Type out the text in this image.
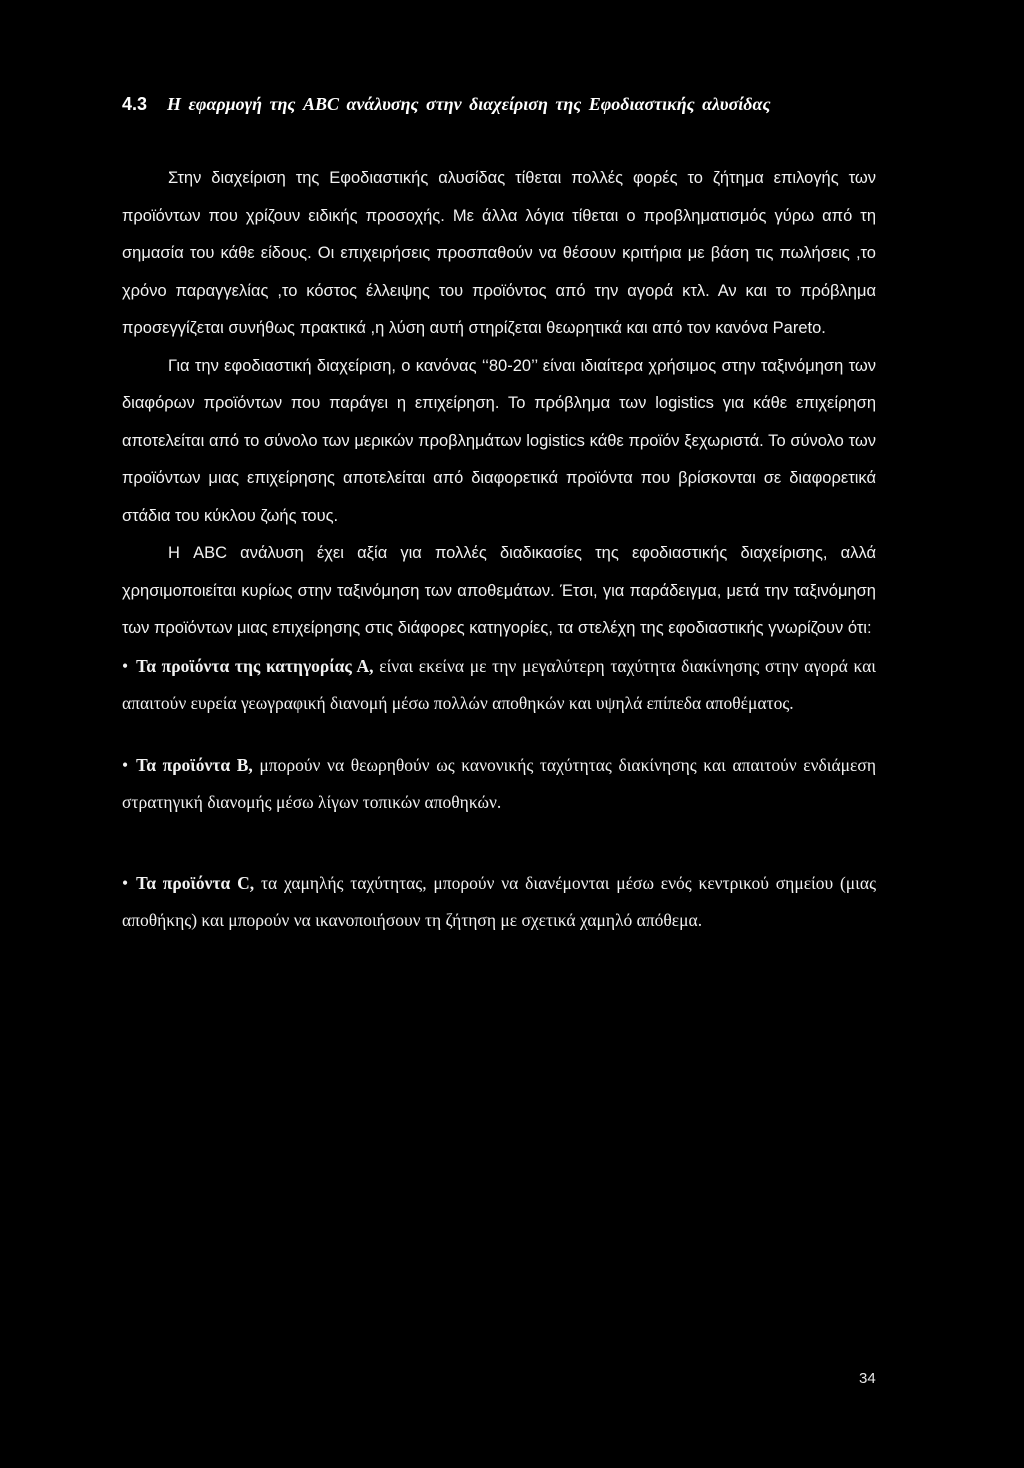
4.3 Η εφαρμογή της ABC ανάλυσης στην διαχείριση της Εφοδιαστικής αλυσίδας

Στην διαχείριση της Εφοδιαστικής αλυσίδας τίθεται πολλές φορές το ζήτημα επιλογής των προϊόντων που χρίζουν ειδικής προσοχής. Με άλλα λόγια τίθεται ο προβληματισμός γύρω από τη σημασία του κάθε είδους. Οι επιχειρήσεις προσπαθούν να θέσουν κριτήρια με βάση τις πωλήσεις ,το χρόνο παραγγελίας ,το κόστος έλλειψης του προϊόντος από την αγορά κτλ. Αν και το πρόβλημα προσεγγίζεται συνήθως πρακτικά ,η λύση αυτή στηρίζεται θεωρητικά και από τον κανόνα Pareto.

Για την εφοδιαστική διαχείριση, ο κανόνας ‘‘80-20’’ είναι ιδιαίτερα χρήσιμος στην ταξινόμηση των διαφόρων προϊόντων που παράγει η επιχείρηση. Το πρόβλημα των logistics για κάθε επιχείρηση αποτελείται από το σύνολο των μερικών προβλημάτων logistics κάθε προϊόν ξεχωριστά. Το σύνολο των προϊόντων μιας επιχείρησης αποτελείται από διαφορετικά προϊόντα που βρίσκονται σε διαφορετικά στάδια του κύκλου ζωής τους.

Η ABC ανάλυση έχει αξία για πολλές διαδικασίες της εφοδιαστικής διαχείρισης, αλλά χρησιμοποιείται κυρίως στην ταξινόμηση των αποθεμάτων. Έτσι, για παράδειγμα, μετά την ταξινόμηση των προϊόντων μιας επιχείρησης στις διάφορες κατηγορίες, τα στελέχη της εφοδιαστικής γνωρίζουν ότι:

• Τα προϊόντα της κατηγορίας Α, είναι εκείνα με την μεγαλύτερη ταχύτητα διακίνησης στην αγορά και απαιτούν ευρεία γεωγραφική διανομή μέσω πολλών αποθηκών και υψηλά επίπεδα αποθέματος.

• Τα προϊόντα Β, μπορούν να θεωρηθούν ως κανονικής ταχύτητας διακίνησης και απαιτούν ενδιάμεση στρατηγική διανομής μέσω λίγων τοπικών αποθηκών.

• Τα προϊόντα C, τα χαμηλής ταχύτητας, μπορούν να διανέμονται μέσω ενός κεντρικού σημείου (μιας αποθήκης) και μπορούν να ικανοποιήσουν τη ζήτηση με σχετικά χαμηλό απόθεμα.

34
